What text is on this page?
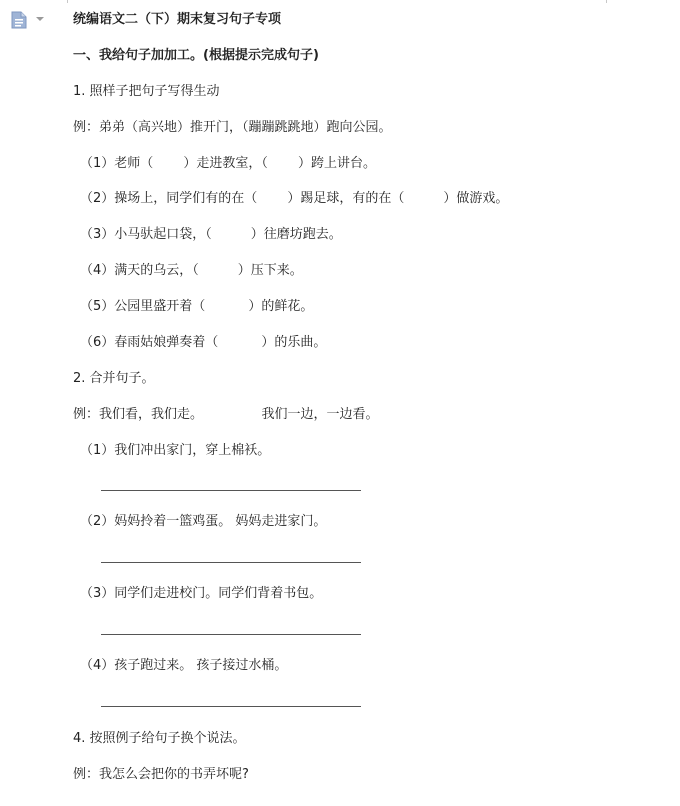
统编语文二（下）期末复习句子专项
一、我给句子加加工。(根据提示完成句子)
1. 照样子把句子写得生动
例：弟弟（高兴地）推开门，（蹦蹦跳跳地）跑向公园。
（1）老师（　　 ）走进教室，（　　 ）跨上讲台。
（2）操场上，同学们有的在（　　 ）踢足球，有的在（　　　）做游戏。
（3）小马驮起口袋，（　　　）往磨坊跑去。
（4）满天的乌云，（　　　）压下来。
（5）公园里盛开着（　　　 ）的鲜花。
（6）春雨姑娘弹奏着（　　　 ）的乐曲。
2. 合并句子。
例：我们看，我们走。　　　　　我们一边，一边看。
（1）我们冲出家门，穿上棉袄。
（2）妈妈拎着一篮鸡蛋。 妈妈走进家门。
（3）同学们走进校门。同学们背着书包。
（4）孩子跑过来。 孩子接过水桶。
4. 按照例子给句子换个说法。
例：我怎么会把你的书弄坏呢?
